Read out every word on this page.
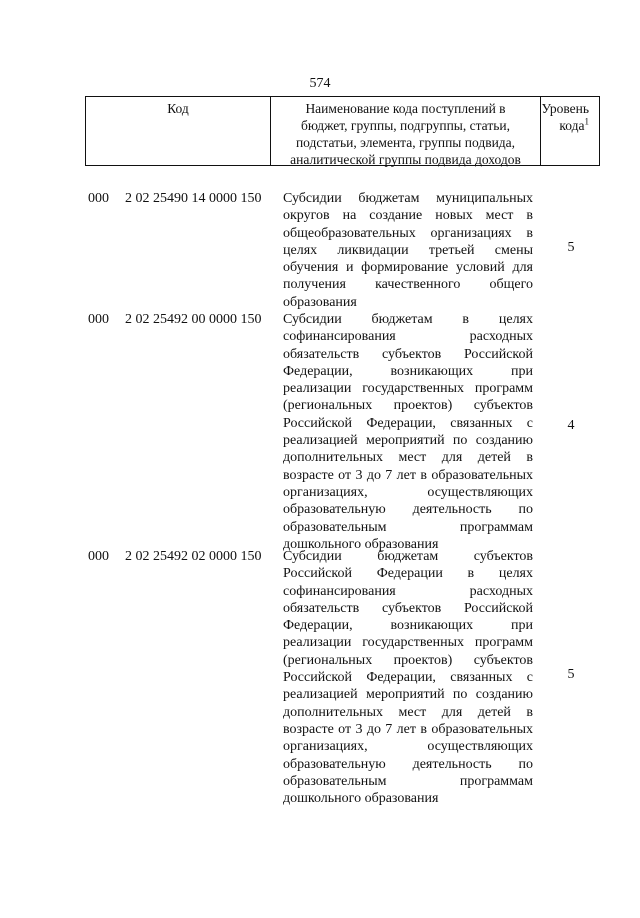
574
Код	Наименование кода поступлений в
бюджет, группы, подгруппы, статьи,
подстатьи, элемента, группы подвида,
аналитической группы подвида доходов
Уровень
кода$^1$
000 2 02 25490 14 0000 150 Субсидии бюджетам муниципальных
округов на создание новых мест в
общеобразовательных организациях в
целях ликвидации третьей смены
обучения и формирование условий для
получения качественного общего
образования
5
000 2 02 25492 00 0000 150 Субсидии бюджетам в целях
софинансирования расходных
обязательств субъектов Российской
Федерации, возникающих при
реализации государственных программ
(региональных проектов) субъектов
Российской Федерации, связанных с
реализацией мероприятий по созданию
дополнительных мест для детей в
возрасте от 3 до 7 лет в образовательных
организациях, осуществляющих
образовательную деятельность по
образовательным программам
дошкольного образования
4
000 2 02 25492 02 0000 150 Субсидии бюджетам субъектов
Российской Федерации в целях
софинансирования расходных
обязательств субъектов Российской
Федерации, возникающих при
реализации государственных программ
(региональных проектов) субъектов
Российской Федерации, связанных с
реализацией мероприятий по созданию
дополнительных мест для детей в
возрасте от 3 до 7 лет в образовательных
организациях, осуществляющих
образовательную деятельность по
образовательным программам
дошкольного образования
5
